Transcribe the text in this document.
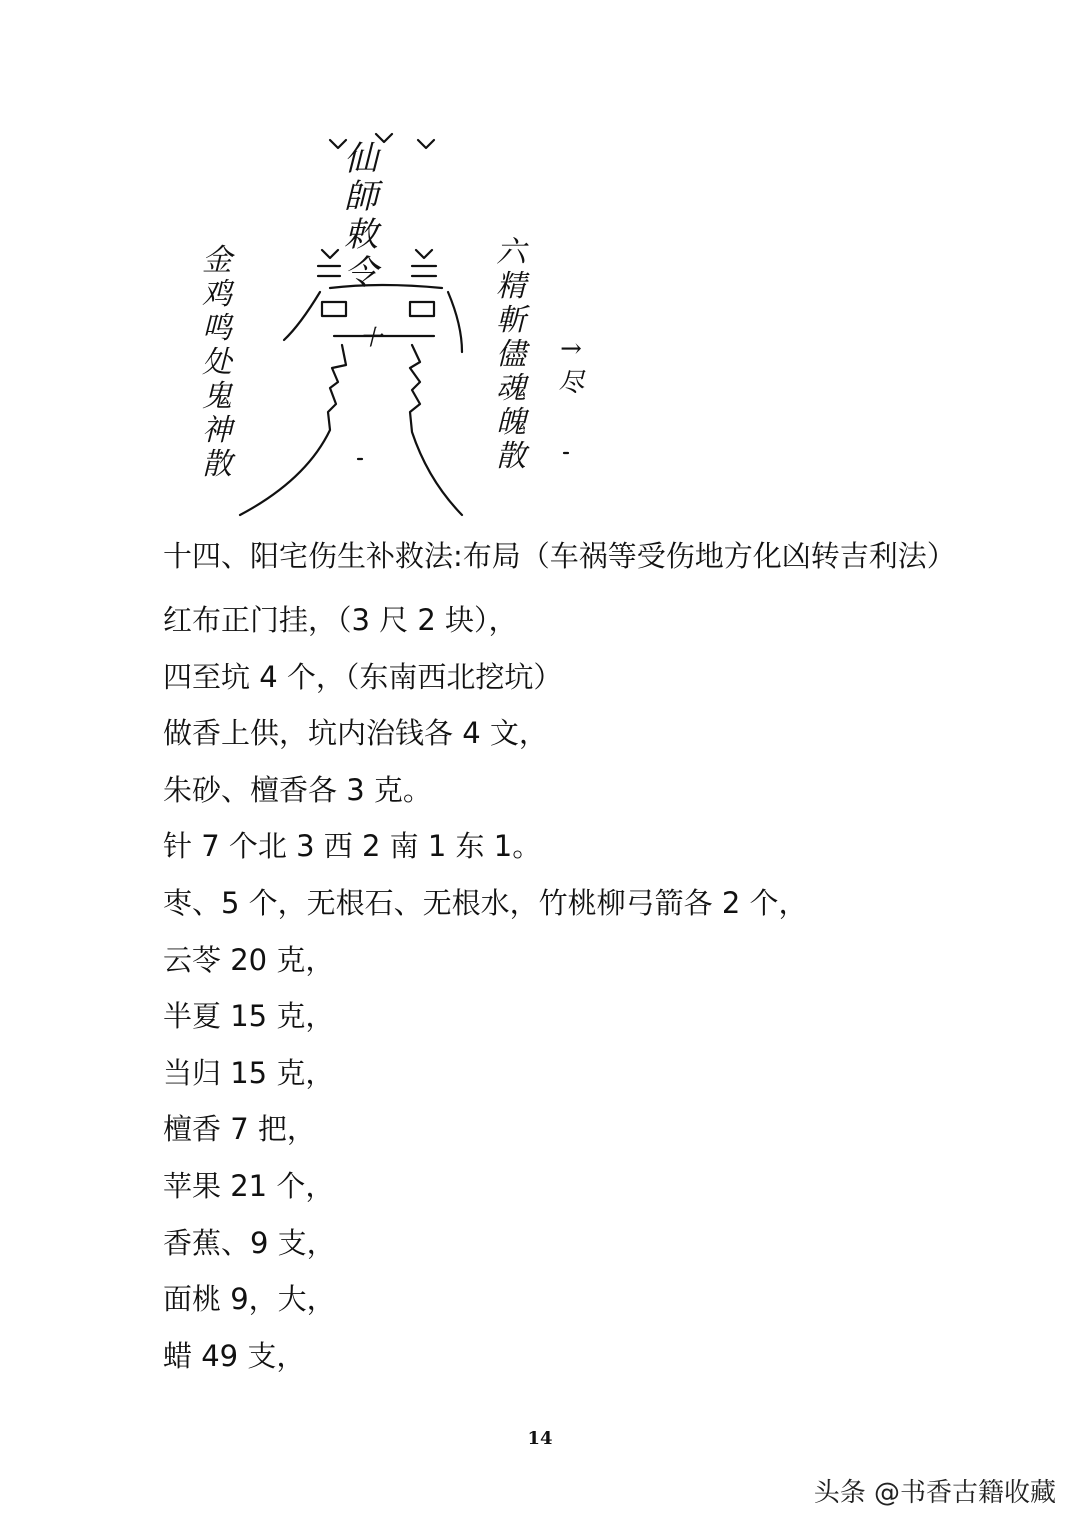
仙師敕令
金鸡鸣处鬼神散
六精斬儘魂魄散
→尽
十
十四、阳宅伤生补救法:布局（车祸等受伤地方化凶转吉利法）
红布正门挂，（3 尺 2 块），
四至坑 4 个，（东南西北挖坑）
做香上供，坑内治钱各 4 文，
朱砂、檀香各 3 克。
针 7 个北 3 西 2 南 1 东 1。
枣、5 个，无根石、无根水，竹桃柳弓箭各 2 个，
云苓 20 克，
半夏 15 克，
当归 15 克，
檀香 7 把，
苹果 21 个，
香蕉、9 支，
面桃 9，大，
蜡 49 支，
14
头条 @书香古籍收藏
